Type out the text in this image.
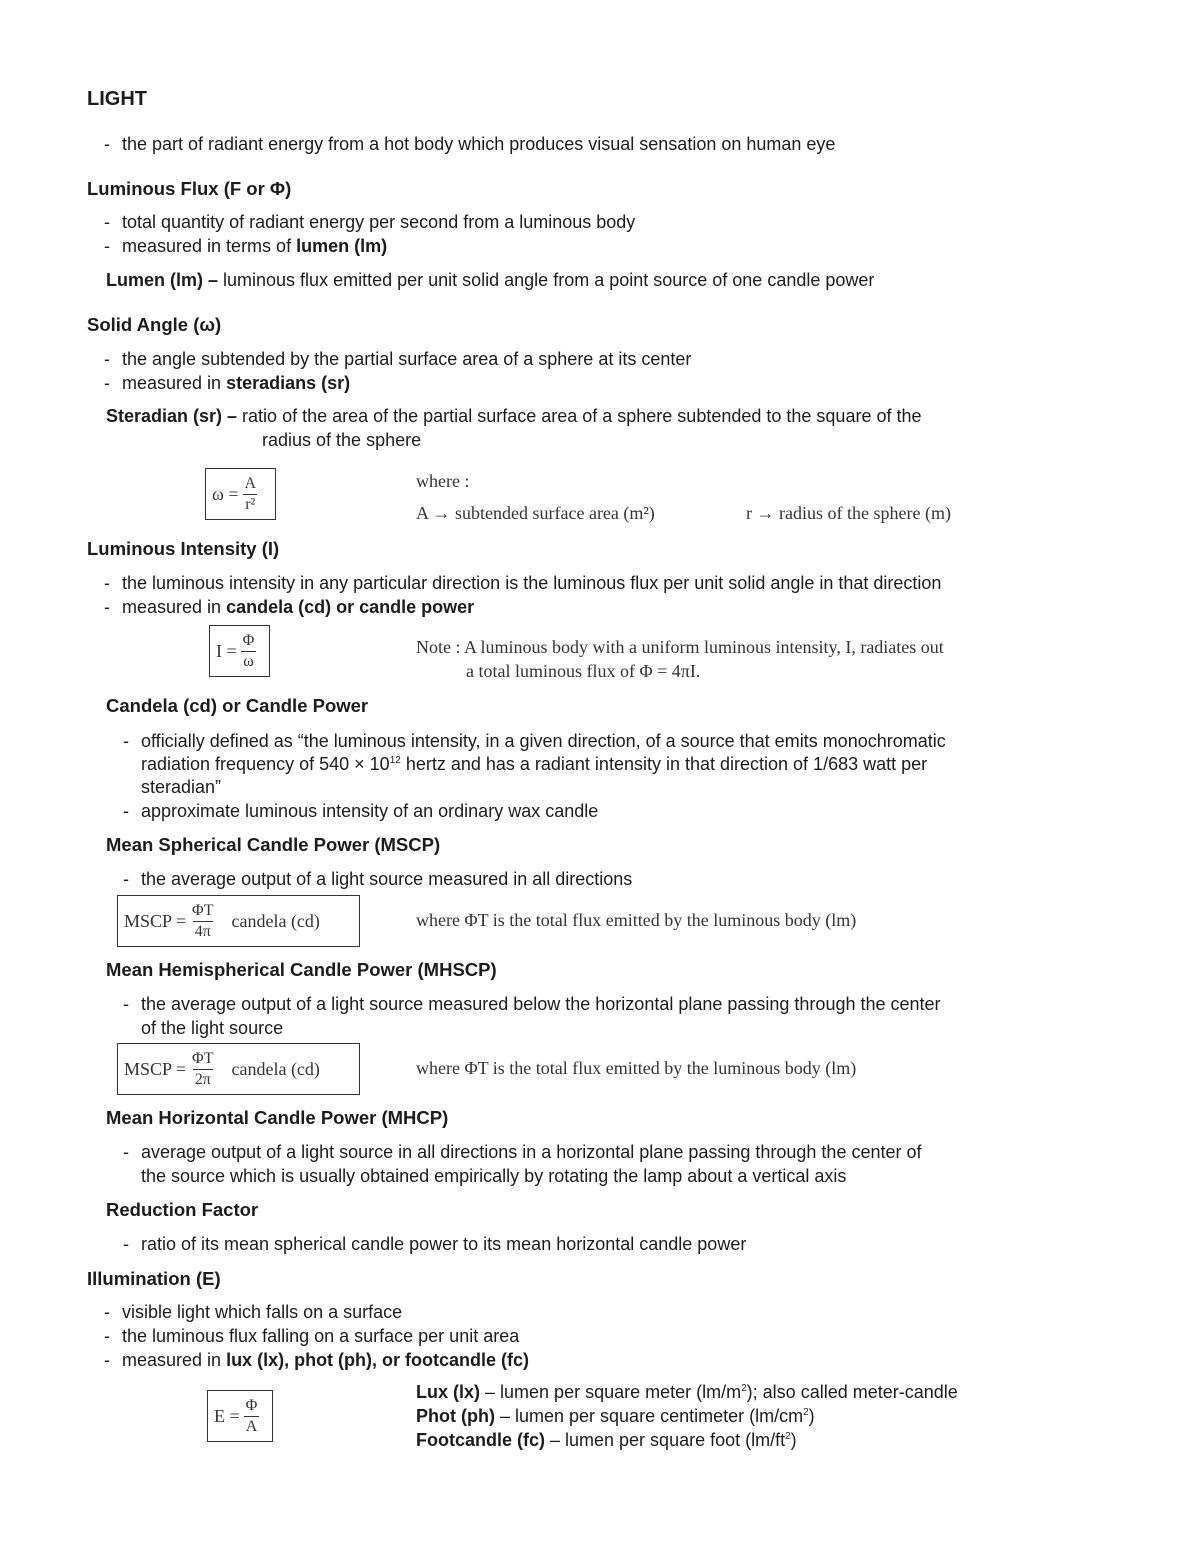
LIGHT
- the part of radiant energy from a hot body which produces visual sensation on human eye
Luminous Flux (F or Φ)
- total quantity of radiant energy per second from a luminous body
- measured in terms of lumen (lm)
Lumen (lm) – luminous flux emitted per unit solid angle from a point source of one candle power
Solid Angle (ω)
- the angle subtended by the partial surface area of a sphere at its center
- measured in steradians (sr)
Steradian (sr) – ratio of the area of the partial surface area of a sphere subtended to the square of the
radius of the sphere
$\omega = \frac{A}{\text{r²}}$	where :
A → subtended surface area (m²)	r → radius of the sphere (m)
Luminous Intensity (I)
- the luminous intensity in any particular direction is the luminous flux per unit solid angle in that direction
- measured in candela (cd) or candle power
$I = \frac{\Phi}{\omega}$	Note : A luminous body with a uniform luminous intensity, I, radiates out
a total luminous flux of Φ = 4πI.
Candela (cd) or Candle Power
- officially defined as “the luminous intensity, in a given direction, of a source that emits monochromatic
radiation frequency of $540 \times 10^{12}$ hertz and has a radiant intensity in that direction of 1/683 watt per
steradian”
- approximate luminous intensity of an ordinary wax candle
Mean Spherical Candle Power (MSCP)
- the average output of a light source measured in all directions
MSCP = $\frac{\Phi T}{4\pi}$ candela (cd)	where ΦT is the total flux emitted by the luminous body (lm)
Mean Hemispherical Candle Power (MHSCP)
- the average output of a light source measured below the horizontal plane passing through the center
of the light source
MSCP = $\frac{\Phi T}{2\pi}$ candela (cd)	where ΦT is the total flux emitted by the luminous body (lm)
Mean Horizontal Candle Power (MHCP)
- average output of a light source in all directions in a horizontal plane passing through the center of
the source which is usually obtained empirically by rotating the lamp about a vertical axis
Reduction Factor
- ratio of its mean spherical candle power to its mean horizontal candle power
Illumination (E)
- visible light which falls on a surface
- the luminous flux falling on a surface per unit area
- measured in lux (lx), phot (ph), or footcandle (fc)
$E = \frac{\Phi}{A}$
Lux (lx) – lumen per square meter $(lm/m^2)$; also called meter-candle
Phot (ph) – lumen per square centimeter $(lm/cm^2)$
Footcandle (fc) – lumen per square foot $(lm/ft^2)$
